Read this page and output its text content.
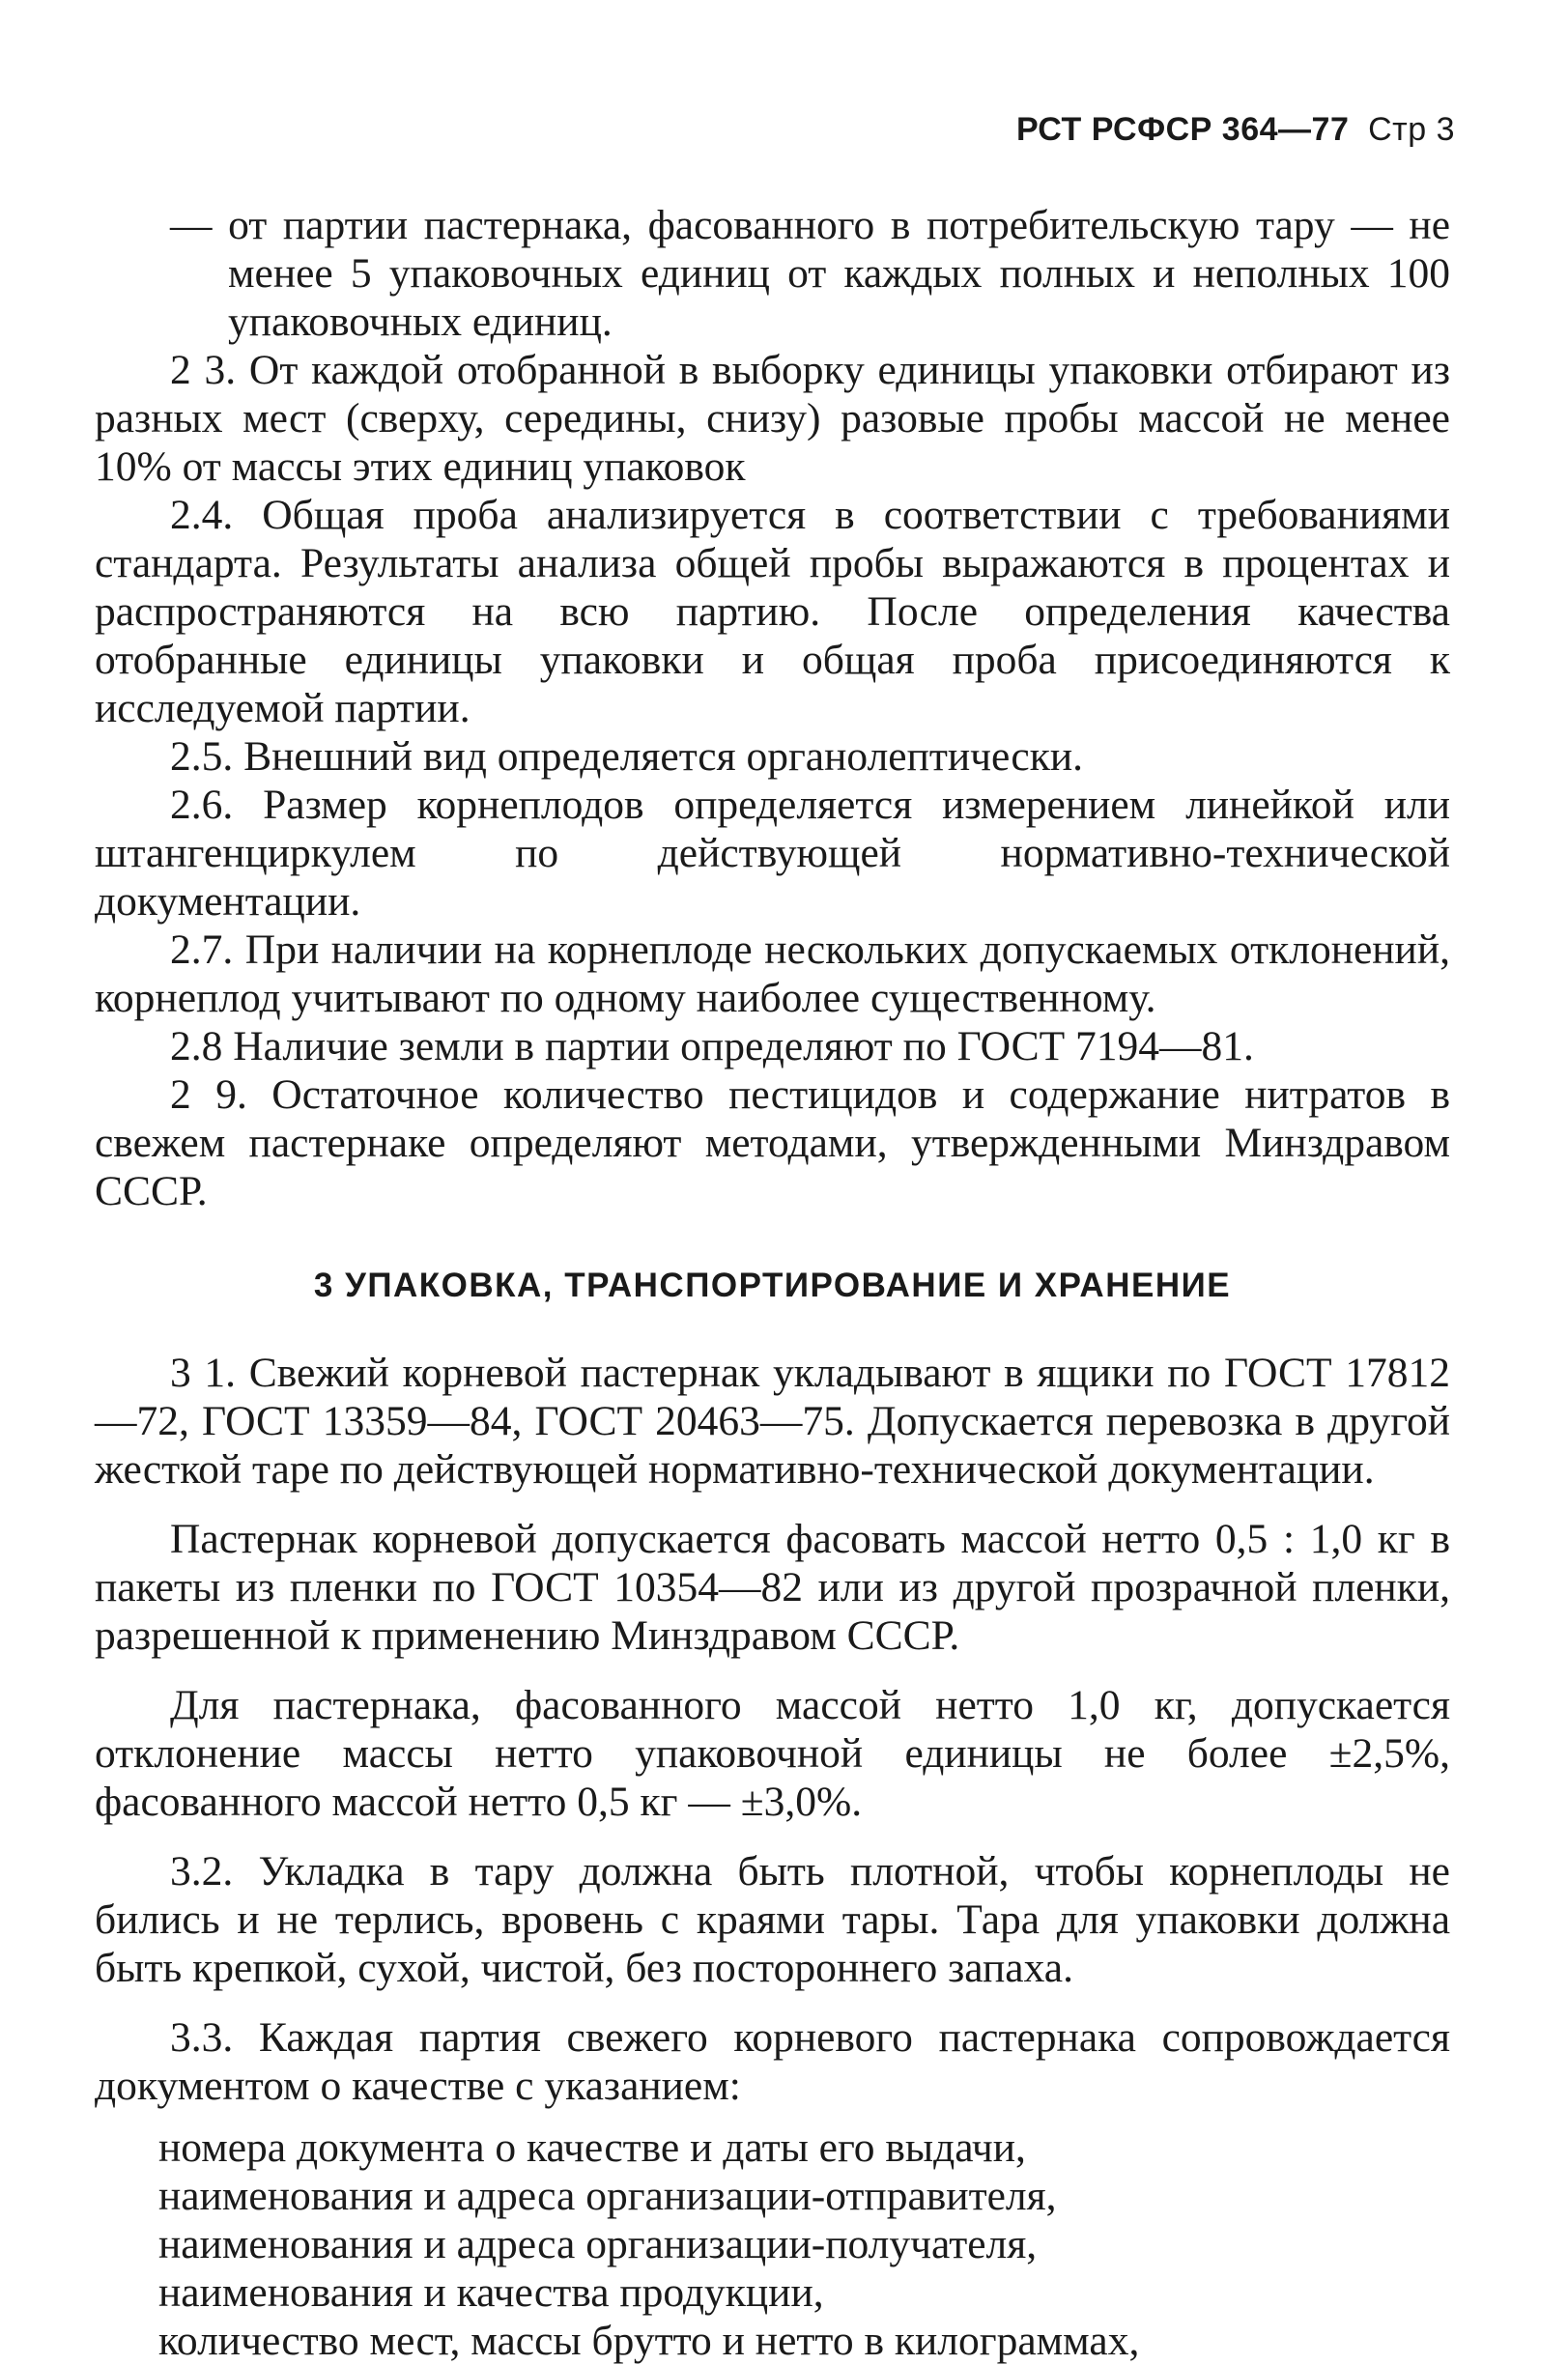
РСТ РСФСР 364—77 Стр 3

— от партии пастернака, фасованного в потребительскую тару — не менее 5 упаковочных единиц от каждых полных и неполных 100 упаковочных единиц.

2 3. От каждой отобранной в выборку единицы упаковки отбирают из разных мест (сверху, середины, снизу) разовые пробы массой не менее 10% от массы этих единиц упаковок

2.4. Общая проба анализируется в соответствии с требованиями стандарта. Результаты анализа общей пробы выражаются в процентах и распространяются на всю партию. После определения качества отобранные единицы упаковки и общая проба присоединяются к исследуемой партии.

2.5. Внешний вид определяется органолептически.

2.6. Размер корнеплодов определяется измерением линейкой или штангенциркулем по действующей нормативно-технической документации.

2.7. При наличии на корнеплоде нескольких допускаемых отклонений, корнеплод учитывают по одному наиболее существенному.

2.8 Наличие земли в партии определяют по ГОСТ 7194—81.

2 9. Остаточное количество пестицидов и содержание нитратов в свежем пастернаке определяют методами, утвержденными Минздравом СССР.

3 УПАКОВКА, ТРАНСПОРТИРОВАНИЕ И ХРАНЕНИЕ

3 1. Свежий корневой пастернак укладывают в ящики по ГОСТ 17812—72, ГОСТ 13359—84, ГОСТ 20463—75. Допускается перевозка в другой жесткой таре по действующей нормативно-технической документации.

Пастернак корневой допускается фасовать массой нетто 0,5 : 1,0 кг в пакеты из пленки по ГОСТ 10354—82 или из другой прозрачной пленки, разрешенной к применению Минздравом СССР.

Для пастернака, фасованного массой нетто 1,0 кг, допускается отклонение массы нетто упаковочной единицы не более ±2,5%, фасованного массой нетто 0,5 кг — ±3,0%.

3.2. Укладка в тару должна быть плотной, чтобы корнеплоды не бились и не терлись, вровень с краями тары. Тара для упаковки должна быть крепкой, сухой, чистой, без постороннего запаха.

3.3. Каждая партия свежего корневого пастернака сопровождается документом о качестве с указанием:

номера документа о качестве и даты его выдачи,
наименования и адреса организации-отправителя,
наименования и адреса организации-получателя,
наименования и качества продукции,
количество мест, массы брутто и нетто в килограммах,
